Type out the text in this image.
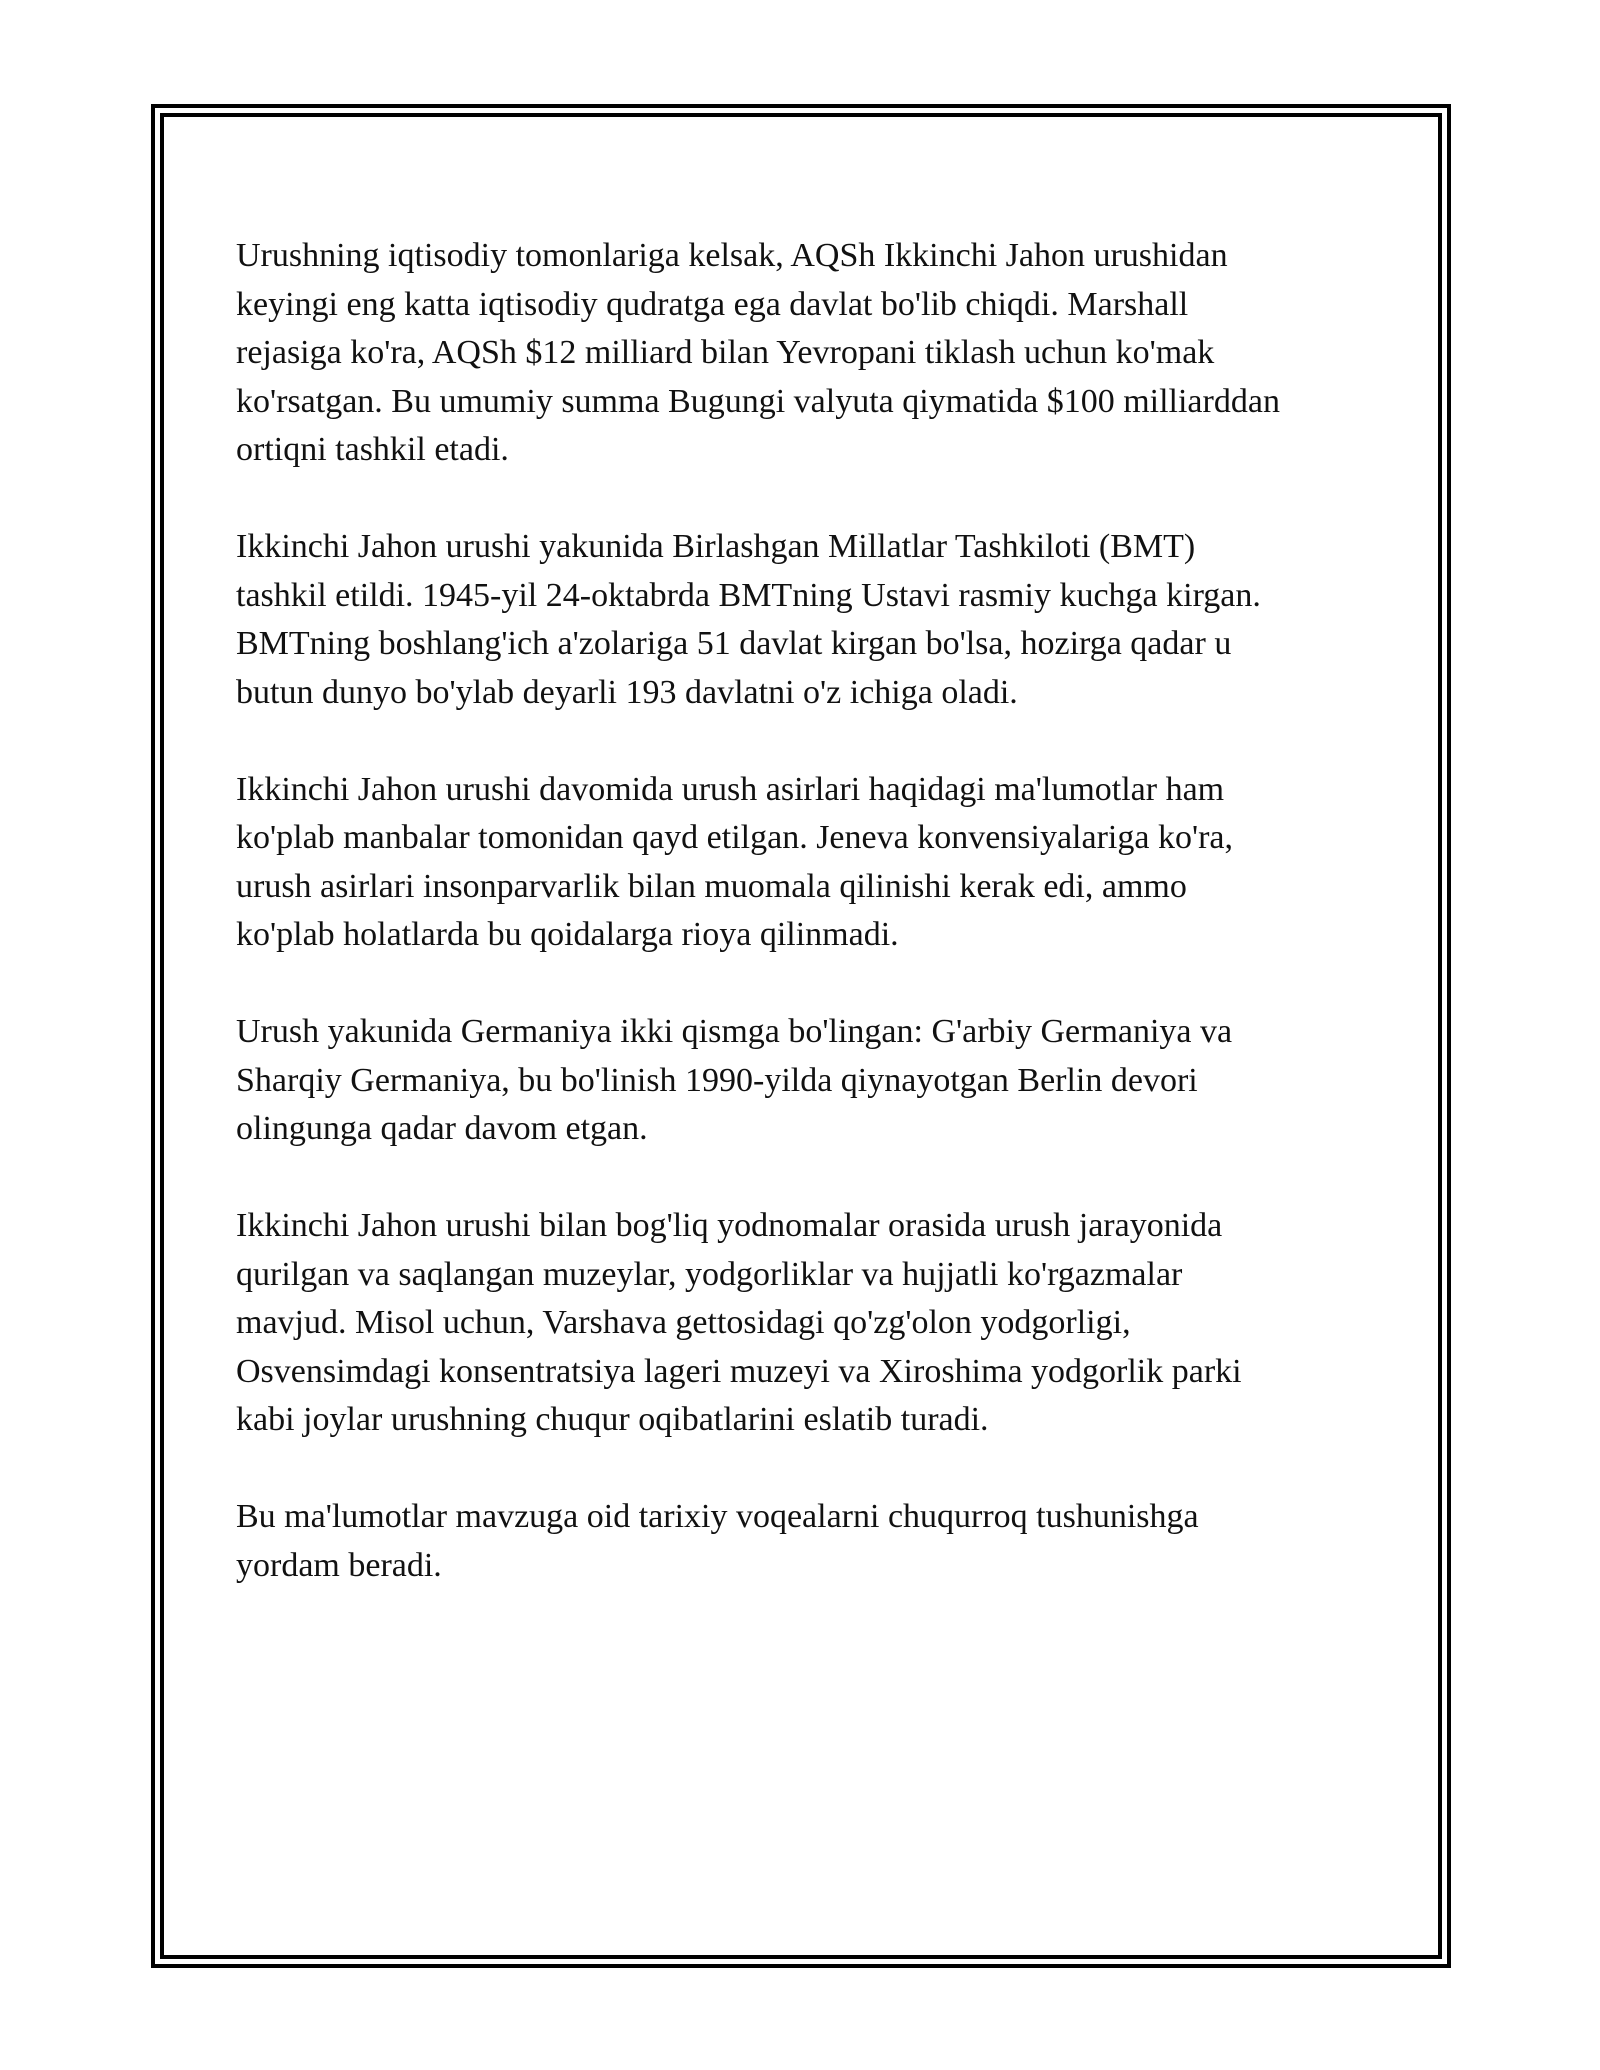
Urushning iqtisodiy tomonlariga kelsak, AQSh Ikkinchi Jahon urushidan
keyingi eng katta iqtisodiy qudratga ega davlat bo'lib chiqdi. Marshall
rejasiga ko'ra, AQSh $12 milliard bilan Yevropani tiklash uchun ko'mak
ko'rsatgan. Bu umumiy summa Bugungi valyuta qiymatida $100 milliarddan
ortiqni tashkil etadi.

Ikkinchi Jahon urushi yakunida Birlashgan Millatlar Tashkiloti (BMT)
tashkil etildi. 1945-yil 24-oktabrda BMTning Ustavi rasmiy kuchga kirgan.
BMTning boshlang'ich a'zolariga 51 davlat kirgan bo'lsa, hozirga qadar u
butun dunyo bo'ylab deyarli 193 davlatni o'z ichiga oladi.

Ikkinchi Jahon urushi davomida urush asirlari haqidagi ma'lumotlar ham
ko'plab manbalar tomonidan qayd etilgan. Jeneva konvensiyalariga ko'ra,
urush asirlari insonparvarlik bilan muomala qilinishi kerak edi, ammo
ko'plab holatlarda bu qoidalarga rioya qilinmadi.

Urush yakunida Germaniya ikki qismga bo'lingan: G'arbiy Germaniya va
Sharqiy Germaniya, bu bo'linish 1990-yilda qiynayotgan Berlin devori
olingunga qadar davom etgan.

Ikkinchi Jahon urushi bilan bog'liq yodnomalar orasida urush jarayonida
qurilgan va saqlangan muzeylar, yodgorliklar va hujjatli ko'rgazmalar
mavjud. Misol uchun, Varshava gettosidagi qo'zg'olon yodgorligi,
Osvensimdagi konsentratsiya lageri muzeyi va Xiroshima yodgorlik parki
kabi joylar urushning chuqur oqibatlarini eslatib turadi.

Bu ma'lumotlar mavzuga oid tarixiy voqealarni chuqurroq tushunishga
yordam beradi.
